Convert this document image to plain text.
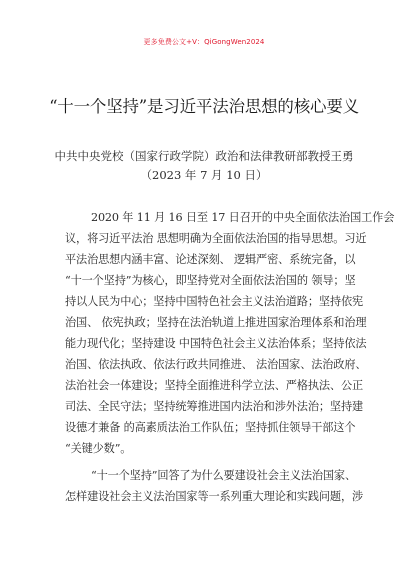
更多免费公文+V：QiGongWen2024
“十一个坚持”是习近平法治思想的核心要义
中共中央党校（国家行政学院）政治和法律教研部教授王勇
（2023 年 7 月 10 日）
2020 年 11 月 16 日至 17 日召开的中央全面依法治国工作会
议，将习近平法治 思想明确为全面依法治国的指导思想。习近
平法治思想内涵丰富、论述深刻、 逻辑严密、系统完备，以
“十一个坚持”为核心，即坚持党对全面依法治国的 领导；坚
持以人民为中心；坚持中国特色社会主义法治道路；坚持依宪
治国、 依宪执政；坚持在法治轨道上推进国家治理体系和治理
能力现代化；坚持建设 中国特色社会主义法治体系；坚持依法
治国、依法执政、依法行政共同推进、 法治国家、法治政府、
法治社会一体建设；坚持全面推进科学立法、严格执法、公正
司法、全民守法；坚持统筹推进国内法治和涉外法治；坚持建
设德才兼备 的高素质法治工作队伍；坚持抓住领导干部这个
“关键少数”。
“十一个坚持”回答了为什么要建设社会主义法治国家、
怎样建设社会主义法治国家等一系列重大理论和实践问题，涉
